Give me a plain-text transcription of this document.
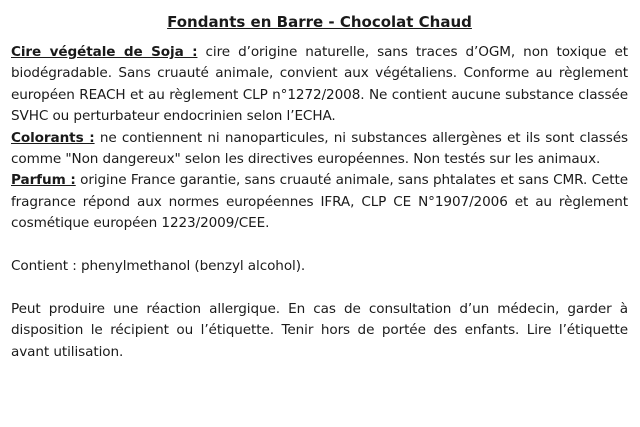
Fondants en Barre - Chocolat Chaud

Cire végétale de Soja : cire d’origine naturelle, sans traces d’OGM, non toxique et biodégradable. Sans cruauté animale, convient aux végétaliens. Conforme au règlement européen REACH et au règlement CLP n°1272/2008. Ne contient aucune substance classée SVHC ou perturbateur endocrinien selon l’ECHA.

Colorants : ne contiennent ni nanoparticules, ni substances allergènes et ils sont classés comme "Non dangereux" selon les directives européennes. Non testés sur les animaux.

Parfum : origine France garantie, sans cruauté animale, sans phtalates et sans CMR. Cette fragrance répond aux normes européennes IFRA, CLP CE N°1907/2006 et au règlement cosmétique européen 1223/2009/CEE.

Contient : phenylmethanol (benzyl alcohol).

Peut produire une réaction allergique. En cas de consultation d’un médecin, garder à disposition le récipient ou l’étiquette. Tenir hors de portée des enfants. Lire l’étiquette avant utilisation.
